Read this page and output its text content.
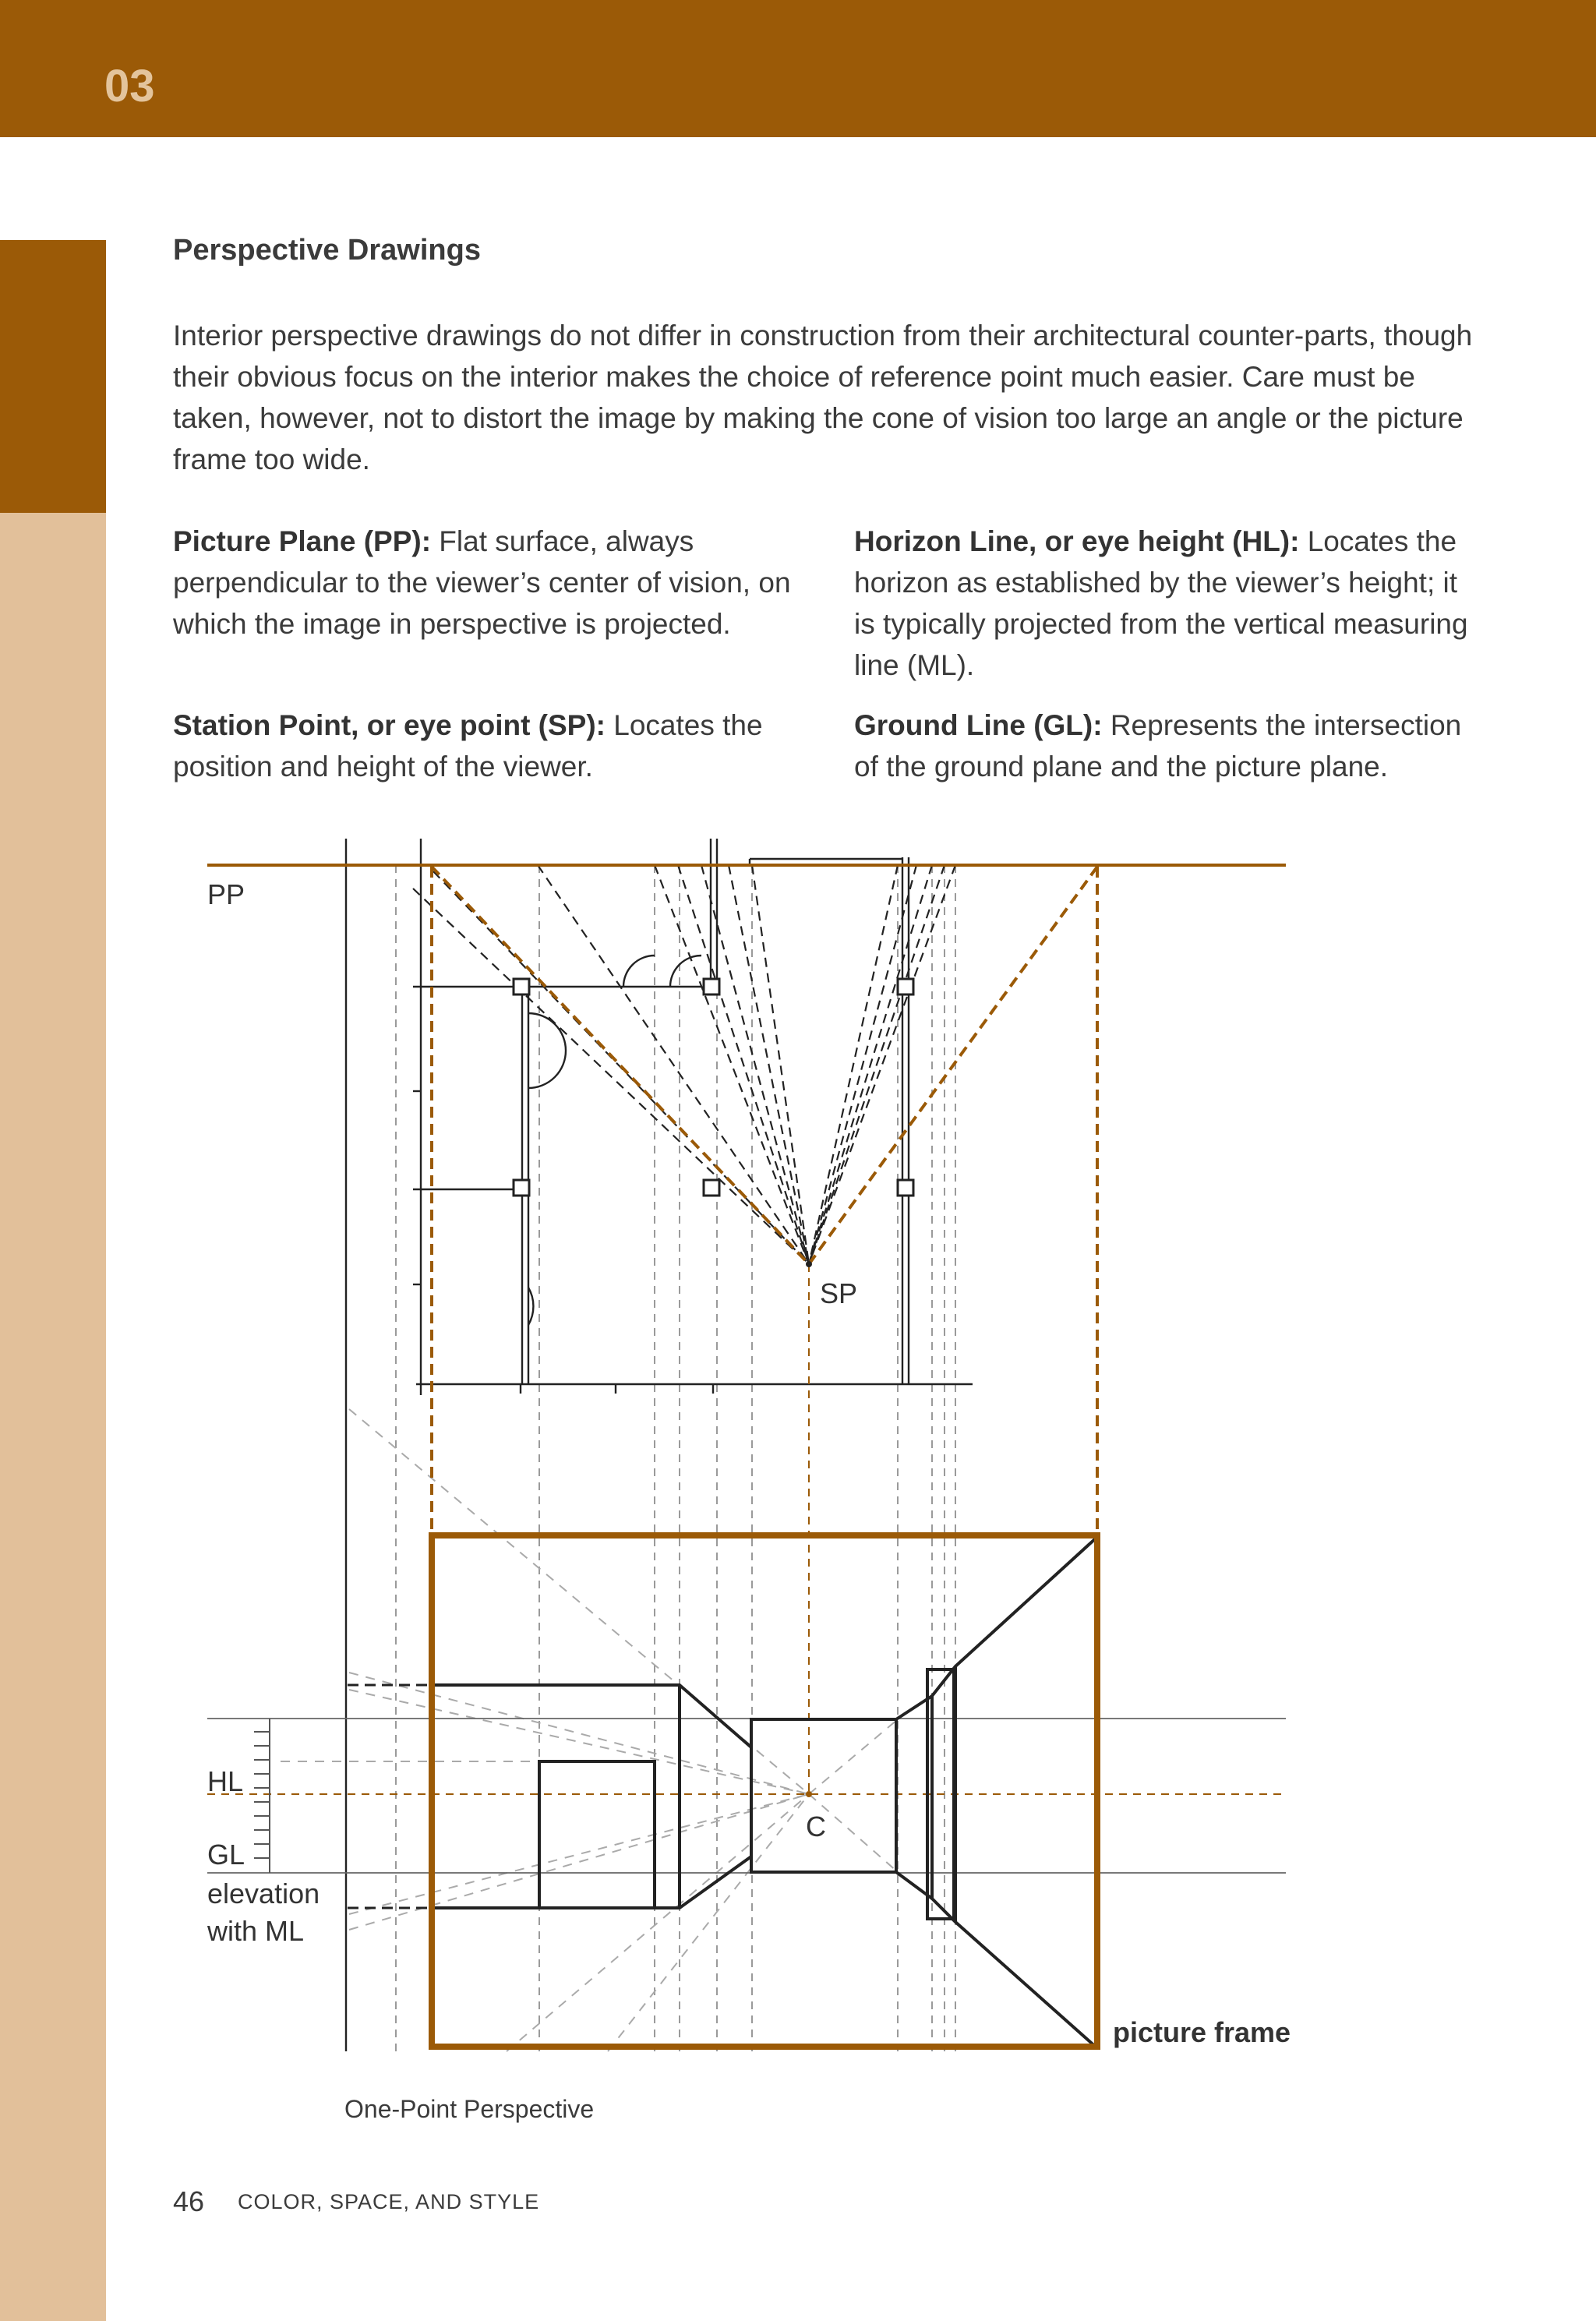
03
Perspective Drawings

Interior perspective drawings do not differ in construction from their architectural counter-parts, though their obvious focus on the interior makes the choice of reference point much easier. Care must be taken, however, not to distort the image by making the cone of vision too large an angle or the picture frame too wide.

Picture Plane (PP): Flat surface, always perpendicular to the viewer’s center of vision, on which the image in perspective is projected.

Station Point, or eye point (SP): Locates the position and height of the viewer.

Horizon Line, or eye height (HL): Locates the horizon as established by the viewer’s height; it is typically projected from the vertical measuring line (ML).

Ground Line (GL): Represents the intersection of the ground plane and the picture plane.

PP
SP
HL
GL
elevation
with ML
C
picture frame
One-Point Perspective
46 COLOR, SPACE, AND STYLE
